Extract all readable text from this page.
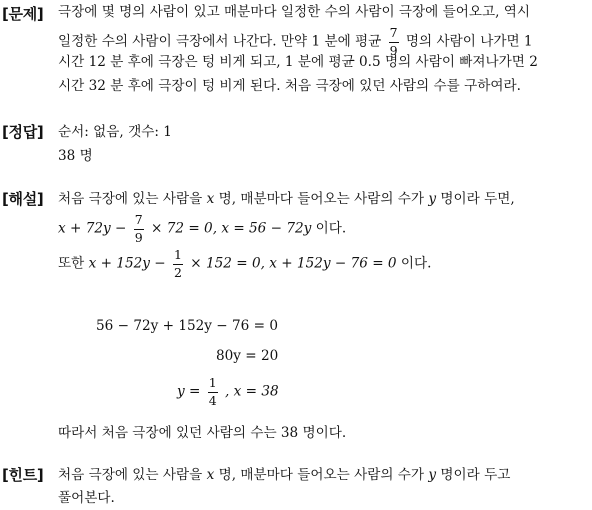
[문제] 극장에 몇 명의 사람이 있고 매분마다 일정한 수의 사람이 극장에 들어오고, 역시
일정한 수의 사람이 극장에서 나간다. 만약 1 분에 평균 $\frac{7}{9}$ 명의 사람이 나가면 1
시간 12 분 후에 극장은 텅 비게 되고, 1 분에 평균 0.5 명의 사람이 빠져나가면 2
시간 32 분 후에 극장이 텅 비게 된다. 처음 극장에 있던 사람의 수를 구하여라.
[정답] 순서: 없음, 갯수: 1
38 명
[해설] 처음 극장에 있는 사람을 x 명, 매분마다 들어오는 사람의 수가 y 명이라 두면,
$x + 72y - \frac{7}{9} \times 72 = 0$, x = 56 − 72y 이다.
또한 $x + 152y - \frac{1}{2} \times 152 = 0$, x + 152y − 76 = 0 이다.
56 − 72y + 152y − 76 = 0
80y = 20
$y = \frac{1}{4}$ , x = 38
따라서 처음 극장에 있던 사람의 수는 38 명이다.
[힌트] 처음 극장에 있는 사람을 x 명, 매분마다 들어오는 사람의 수가 y 명이라 두고
풀어본다.
